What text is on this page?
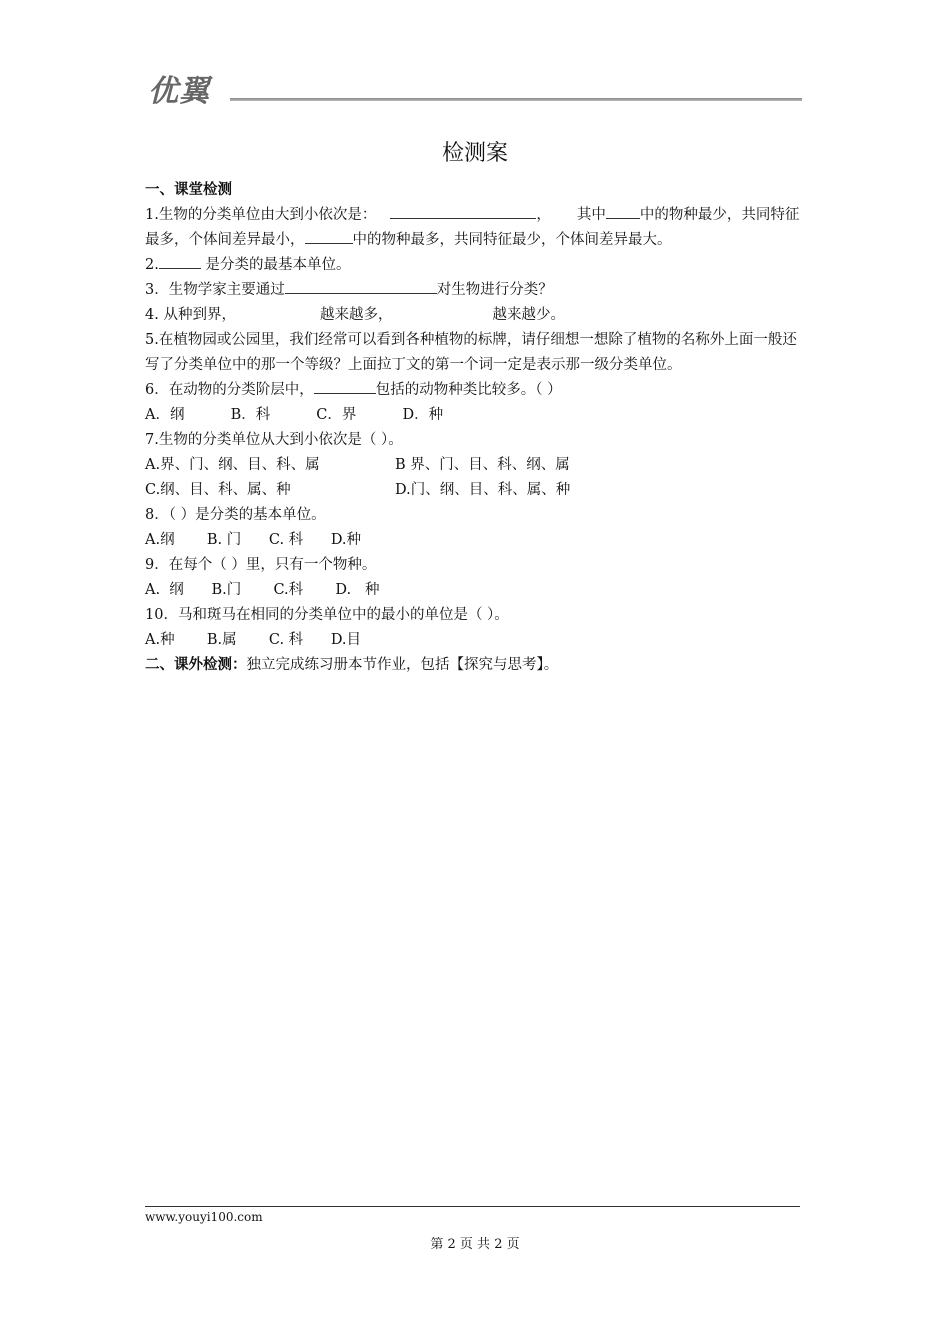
优翼
检测案
一、课堂检测
1.生物的分类单位由大到小依次是：	， 其中 中的物种最少，共同特征最多，个体间差异最小，	中的物种最多，共同特征最少，个体间差异最大。
2.	是分类的最基本单位。
3．生物学家主要通过	对生物进行分类？
4. 从种到界，	越来越多，	越来越少。
5.在植物园或公园里，我们经常可以看到各种植物的标牌，请仔细想一想除了植物的名称外上面一般还写了分类单位中的那一个等级？上面拉丁文的第一个词一定是表示那一级分类单位。
6．在动物的分类阶层中，	包括的动物种类比较多。（ ）
A．纲          B．科          C．界          D．种
7.生物的分类单位从大到小依次是（ ）。
A.界、门、纲、目、科、属	B 界、门、目、科、纲、属
C.纲、目、科、属、种	D.门、纲、目、科、属、种
8．（ ）是分类的基本单位。
A.纲       B. 门      C. 科      D.种
9．在每个（ ）里，只有一个物种。
A.  纲      B.门       C.科       D.   种
10．马和斑马在相同的分类单位中的最小的单位是（ ）。
A.种       B.属       C. 科      D.目
二、课外检测：独立完成练习册本节作业，包括【探究与思考】。
www.youyi100.com
第 2 页 共 2 页
